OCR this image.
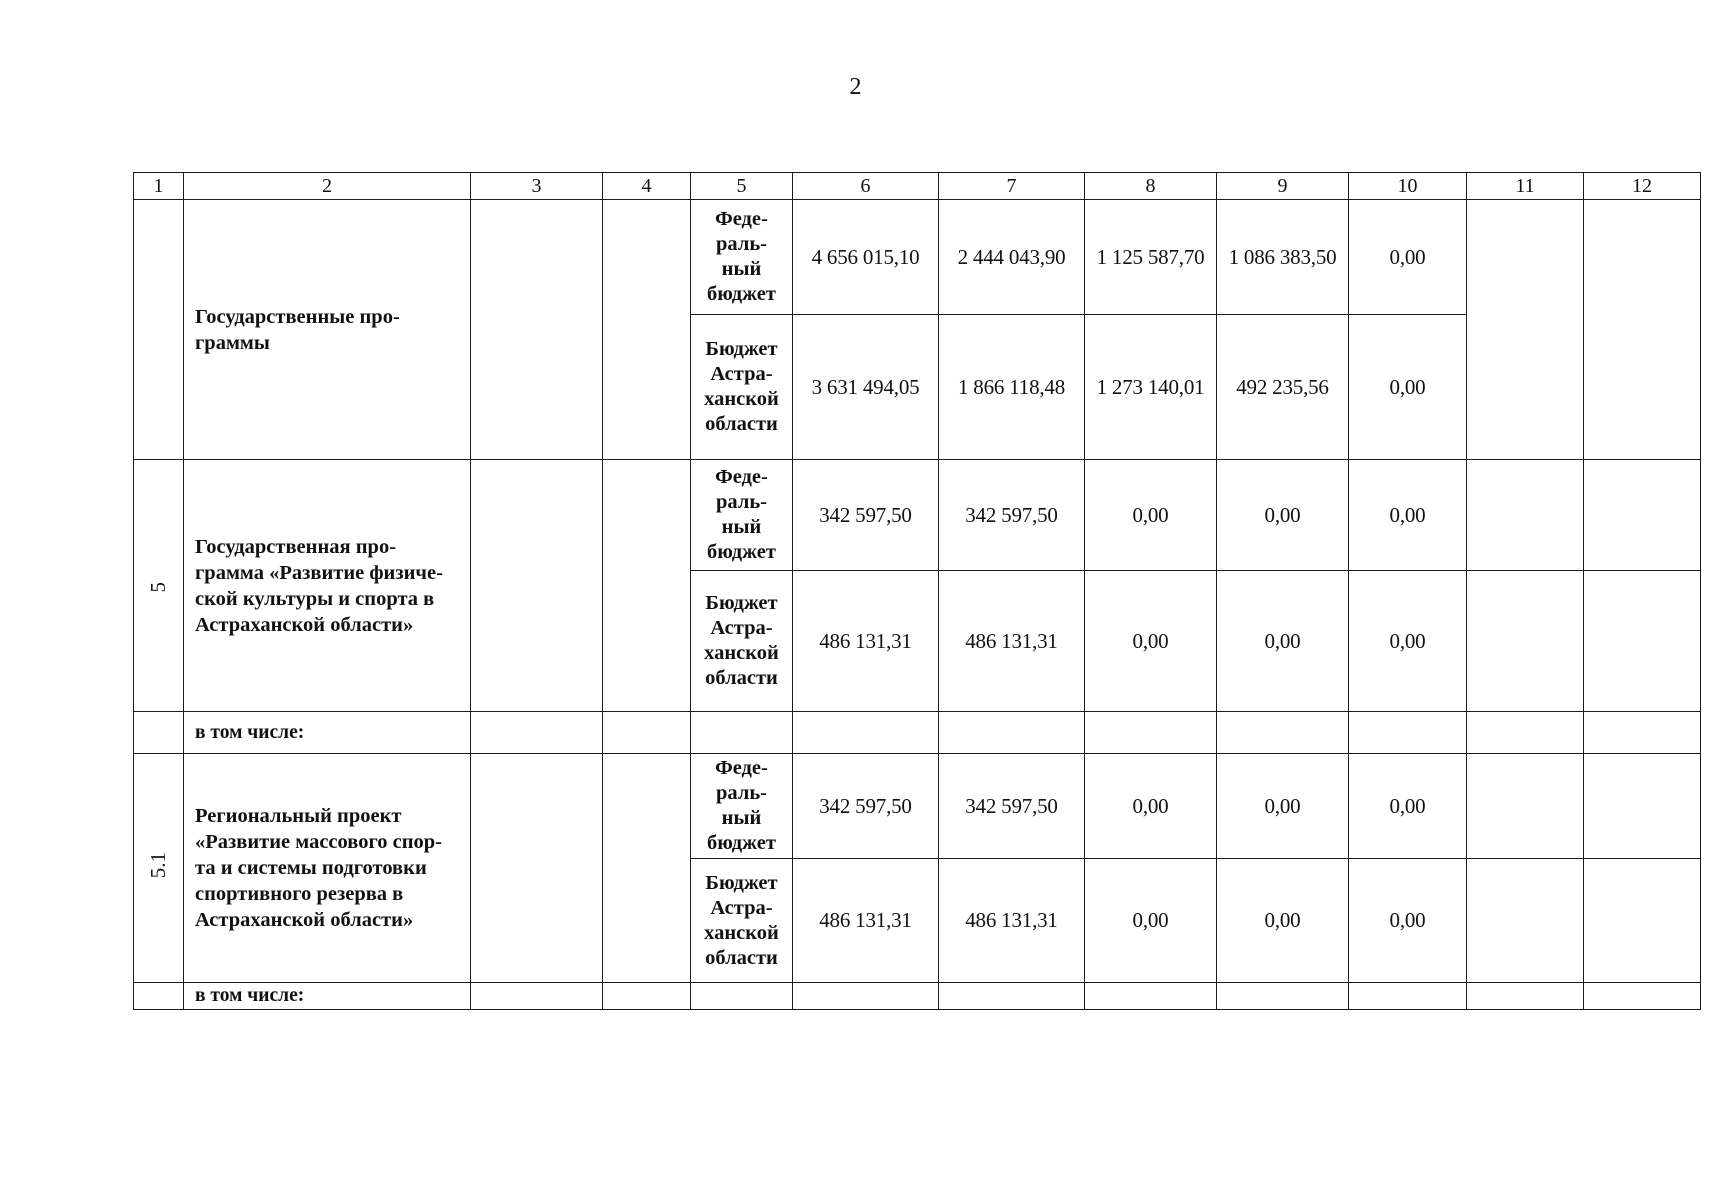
2
1	2	3	4	5	6	7	8	9	10	11	12
	Государственные про-
граммы			Феде-
раль-
ный
бюджет	4 656 015,10	2 444 043,90	1 125 587,70	1 086 383,50	0,00		
				Бюджет
Астра-
ханской
области	3 631 494,05	1 866 118,48	1 273 140,01	492 235,56	0,00		
5	Государственная про-
грамма «Развитие физиче-
ской культуры и спорта в
Астраханской области»			Феде-
раль-
ный
бюджет	342 597,50	342 597,50	0,00	0,00	0,00		
				Бюджет
Астра-
ханской
области	486 131,31	486 131,31	0,00	0,00	0,00		
	в том числе:										
5.1	Региональный проект
«Развитие массового спор-
та и системы подготовки
спортивного резерва в
Астраханской области»			Феде-
раль-
ный
бюджет	342 597,50	342 597,50	0,00	0,00	0,00		
				Бюджет
Астра-
ханской
области	486 131,31	486 131,31	0,00	0,00	0,00		
	в том числе:										
